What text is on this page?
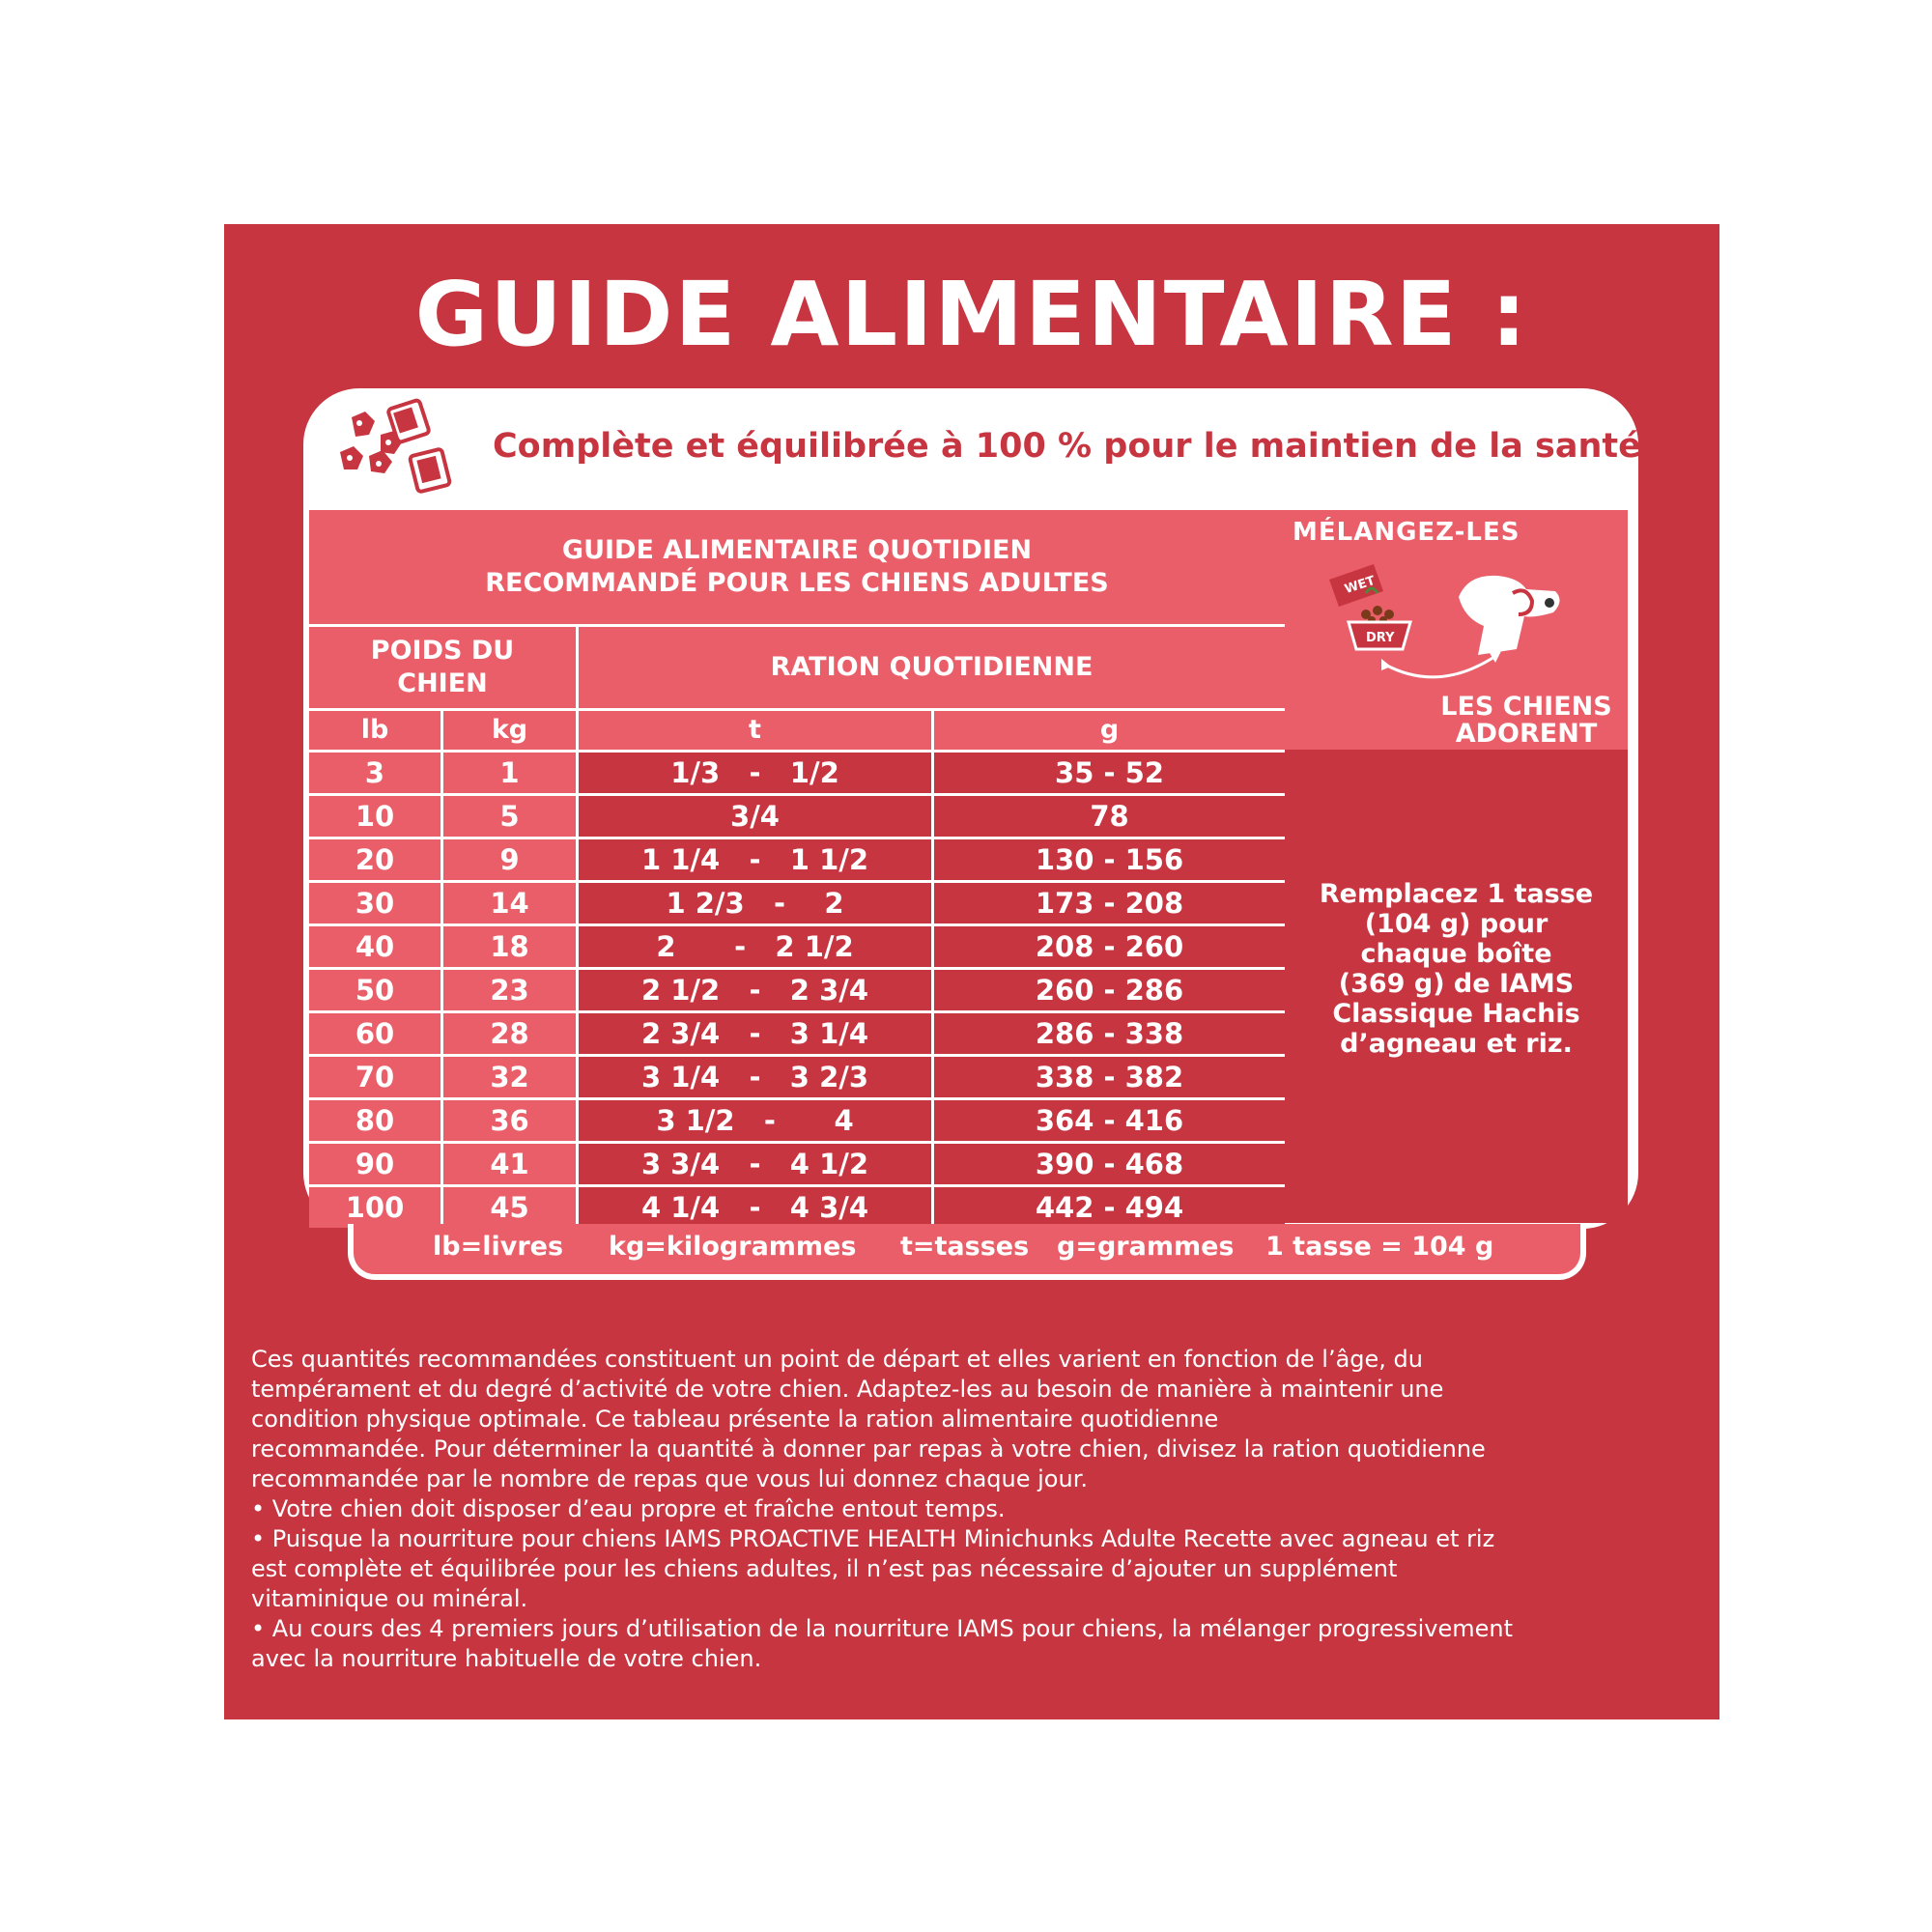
GUIDE ALIMENTAIRE :
Complète et équilibrée à 100 % pour le maintien de la santé
GUIDE ALIMENTAIRE QUOTIDIEN
RECOMMANDÉ POUR LES CHIENS ADULTES
POIDS DU
CHIEN
RATION QUOTIDIENNE
lb	kg	t	g
3	1	1/3   -   1/2	35 - 52
10	5	3/4	78
20	9	1 1/4   -   1 1/2	130 - 156
30	14	1 2/3   -    2	173 - 208
40	18	2      -   2 1/2	208 - 260
50	23	2 1/2   -   2 3/4	260 - 286
60	28	2 3/4   -   3 1/4	286 - 338
70	32	3 1/4   -   3 2/3	338 - 382
80	36	3 1/2   -      4	364 - 416
90	41	3 3/4   -   4 1/2	390 - 468
100	45	4 1/4   -   4 3/4	442 - 494
MÉLANGEZ-LES
WET
DRY
LES CHIENS
ADORENT
Remplacez 1 tasse
(104 g) pour
chaque boîte
(369 g) de IAMS
Classique Hachis
d’agneau et riz.
lb=livres kg=kilogrammes t=tasses g=grammes 1 tasse = 104 g
Ces quantités recommandées constituent un point de départ et elles varient en fonction de l’âge, du
tempérament et du degré d’activité de votre chien. Adaptez-les au besoin de manière à maintenir une
condition physique optimale. Ce tableau présente la ration alimentaire quotidienne
recommandée. Pour déterminer la quantité à donner par repas à votre chien, divisez la ration quotidienne
recommandée par le nombre de repas que vous lui donnez chaque jour.
• Votre chien doit disposer d’eau propre et fraîche entout temps.
• Puisque la nourriture pour chiens IAMS PROACTIVE HEALTH Minichunks Adulte Recette avec agneau et riz
est complète et équilibrée pour les chiens adultes, il n’est pas nécessaire d’ajouter un supplément
vitaminique ou minéral.
• Au cours des 4 premiers jours d’utilisation de la nourriture IAMS pour chiens, la mélanger progressivement
avec la nourriture habituelle de votre chien.
